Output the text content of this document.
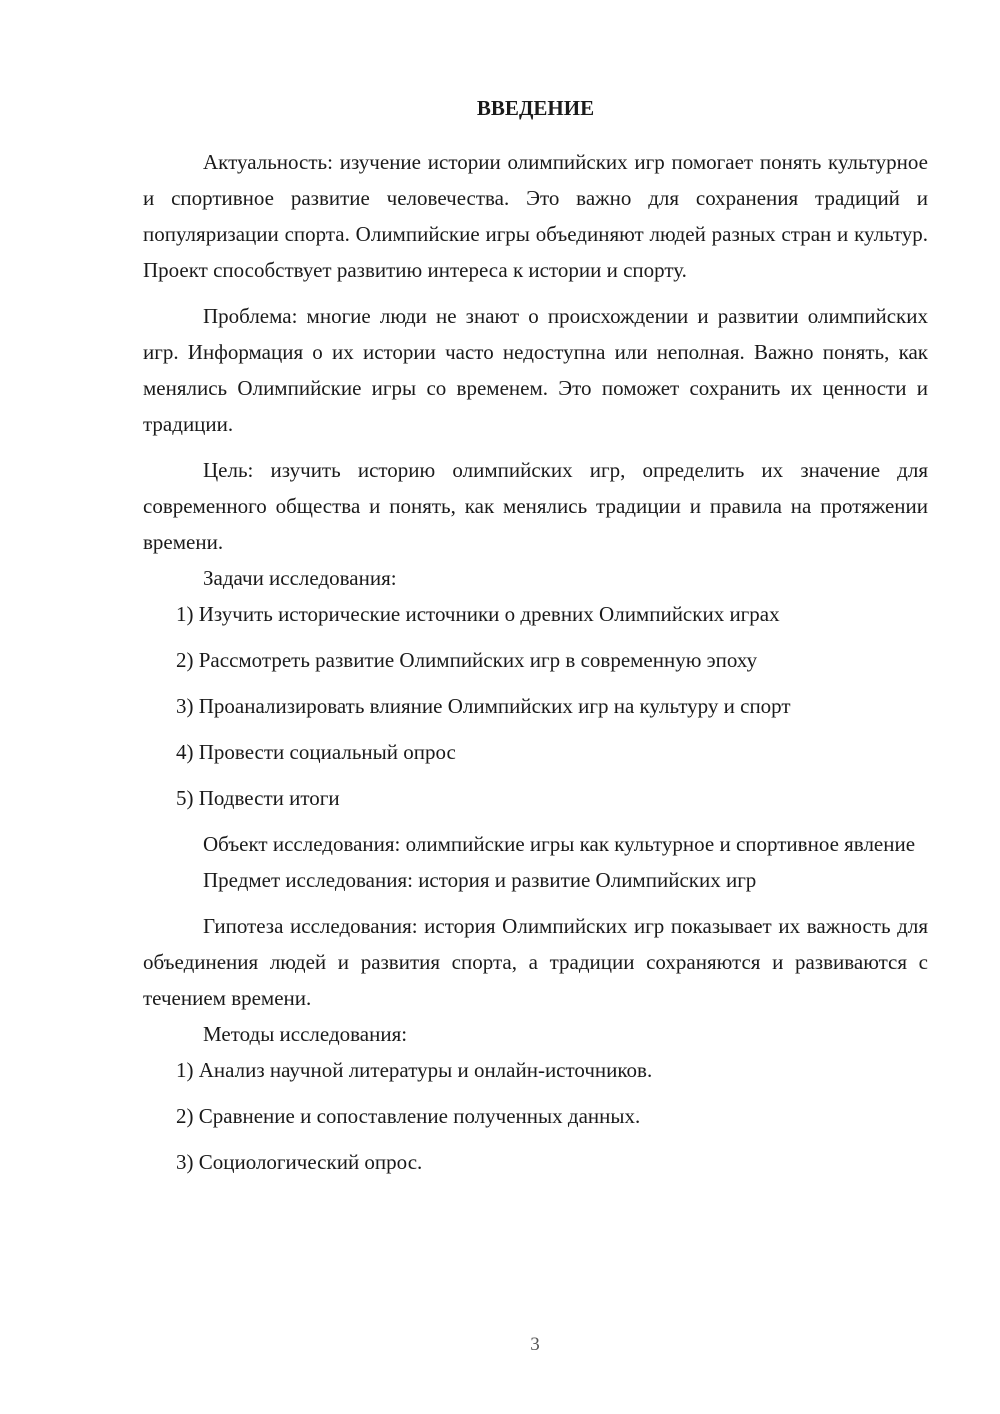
ВВЕДЕНИЕ

Актуальность: изучение истории олимпийских игр помогает понять культурное и спортивное развитие человечества. Это важно для сохранения традиций и популяризации спорта. Олимпийские игры объединяют людей разных стран и культур. Проект способствует развитию интереса к истории и спорту.

Проблема: многие люди не знают о происхождении и развитии олимпийских игр. Информация о их истории часто недоступна или неполная. Важно понять, как менялись Олимпийские игры со временем. Это поможет сохранить их ценности и традиции.

Цель: изучить историю олимпийских игр, определить их значение для современного общества и понять, как менялись традиции и правила на протяжении времени.

Задачи исследования:

1) Изучить исторические источники о древних Олимпийских играх
2) Рассмотреть развитие Олимпийских игр в современную эпоху
3) Проанализировать влияние Олимпийских игр на культуру и спорт
4) Провести социальный опрос
5) Подвести итоги

Объект исследования: олимпийские игры как культурное и спортивное явление

Предмет исследования: история и развитие Олимпийских игр

Гипотеза исследования: история Олимпийских игр показывает их важность для объединения людей и развития спорта, а традиции сохраняются и развиваются с течением времени.

Методы исследования:

1) Анализ научной литературы и онлайн-источников.
2) Сравнение и сопоставление полученных данных.
3) Социологический опрос.
3
